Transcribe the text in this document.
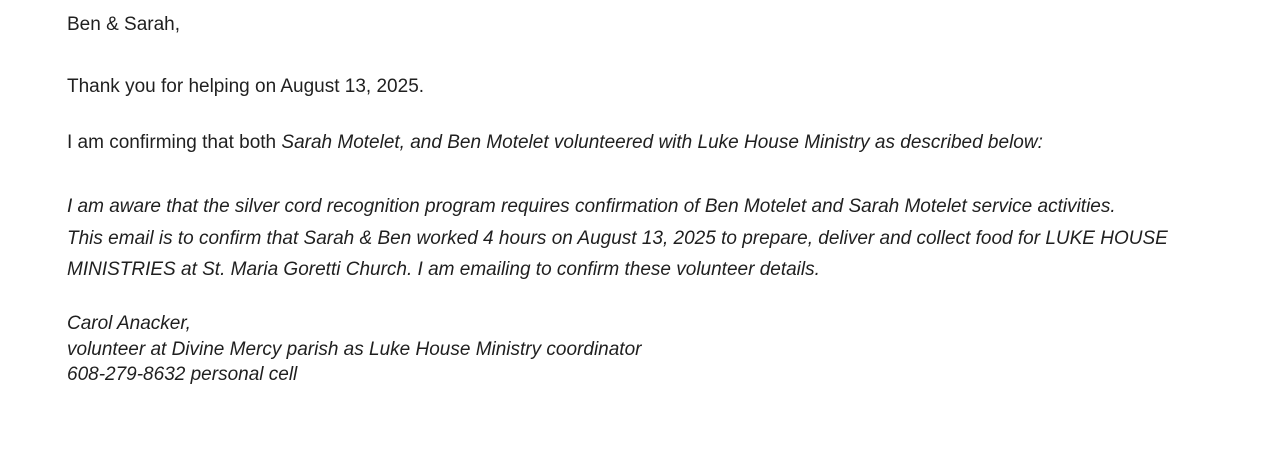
Ben & Sarah,
Thank you for helping on August 13, 2025.
I am confirming that both Sarah Motelet, and Ben Motelet volunteered with Luke House Ministry as described below:
I am aware that the silver cord recognition program requires confirmation of Ben Motelet and Sarah Motelet service activities.
This email is to confirm that Sarah & Ben worked 4 hours on August 13, 2025 to prepare, deliver and collect food for LUKE HOUSE
MINISTRIES at St. Maria Goretti Church. I am emailing to confirm these volunteer details.
Carol Anacker,
volunteer at Divine Mercy parish as Luke House Ministry coordinator
608-279-8632 personal cell
